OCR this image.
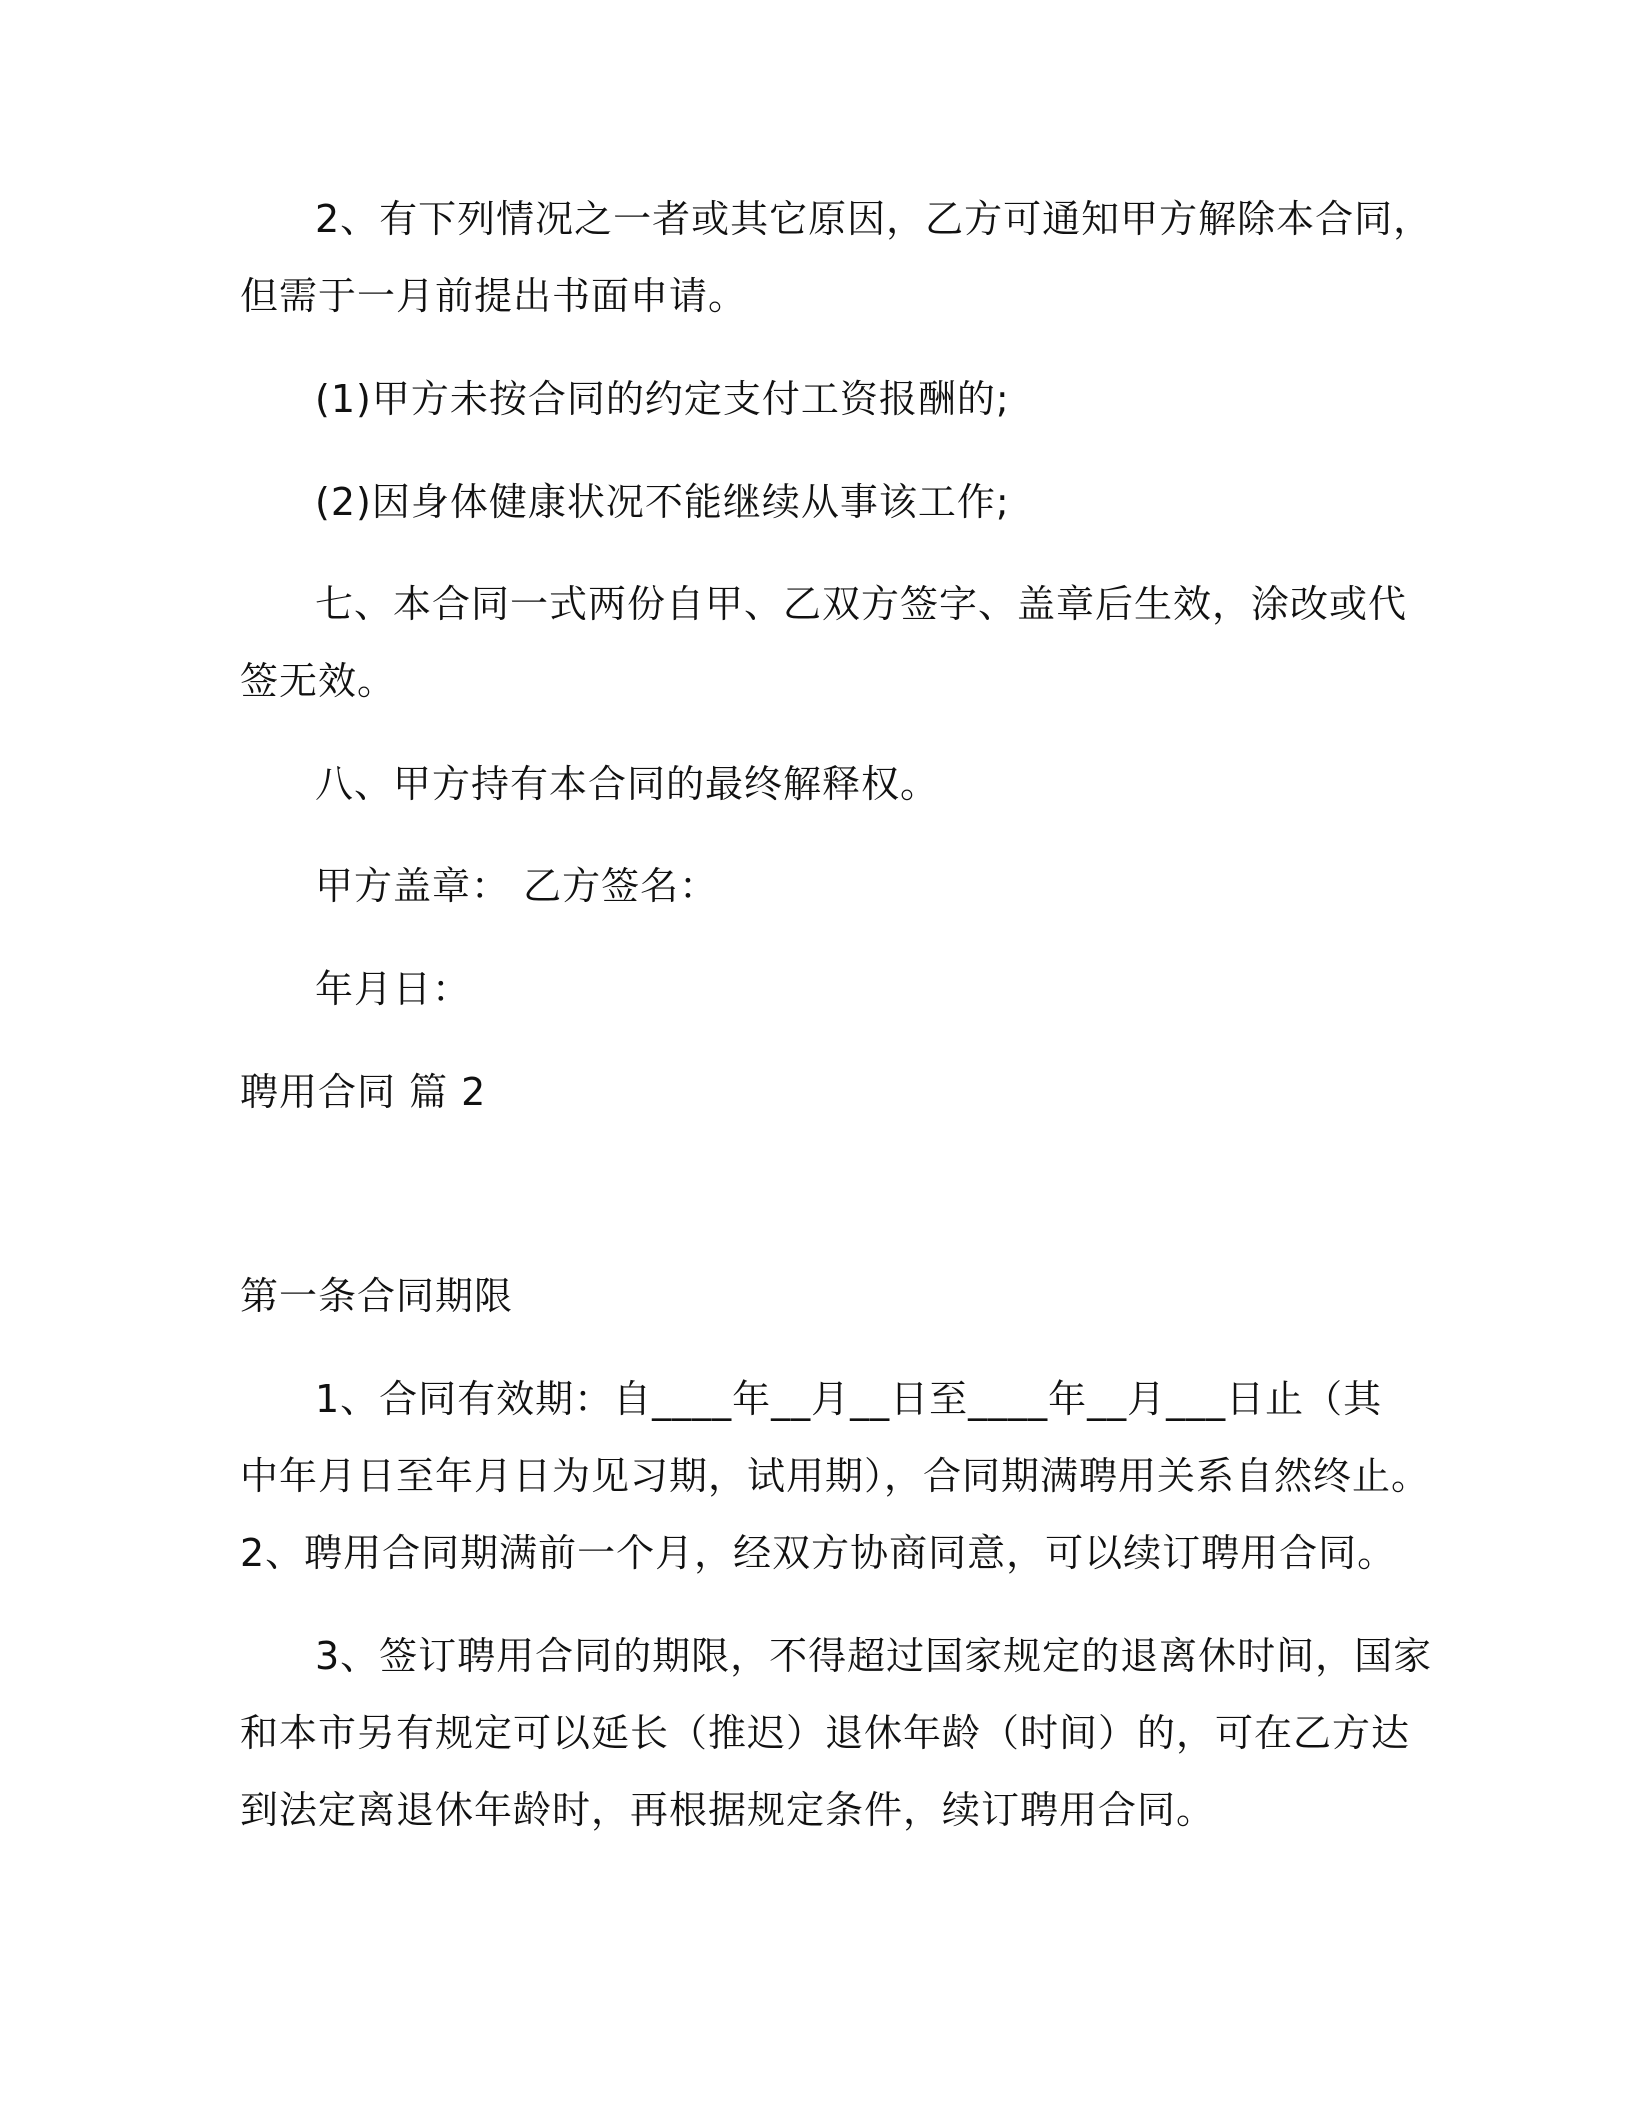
2、有下列情况之一者或其它原因，乙方可通知甲方解除本合同，
但需于一月前提出书面申请。
(1)甲方未按合同的约定支付工资报酬的;
(2)因身体健康状况不能继续从事该工作;
七、本合同一式两份自甲、乙双方签字、盖章后生效，涂改或代
签无效。
八、甲方持有本合同的最终解释权。
甲方盖章： 乙方签名：
年月日：
聘用合同 篇 2
第一条合同期限
1、合同有效期：自____年__月__日至____年__月___日止（其
中年月日至年月日为见习期，试用期），合同期满聘用关系自然终止。
2、聘用合同期满前一个月，经双方协商同意，可以续订聘用合同。
3、签订聘用合同的期限，不得超过国家规定的退离休时间，国家
和本市另有规定可以延长（推迟）退休年龄（时间）的，可在乙方达
到法定离退休年龄时，再根据规定条件，续订聘用合同。
